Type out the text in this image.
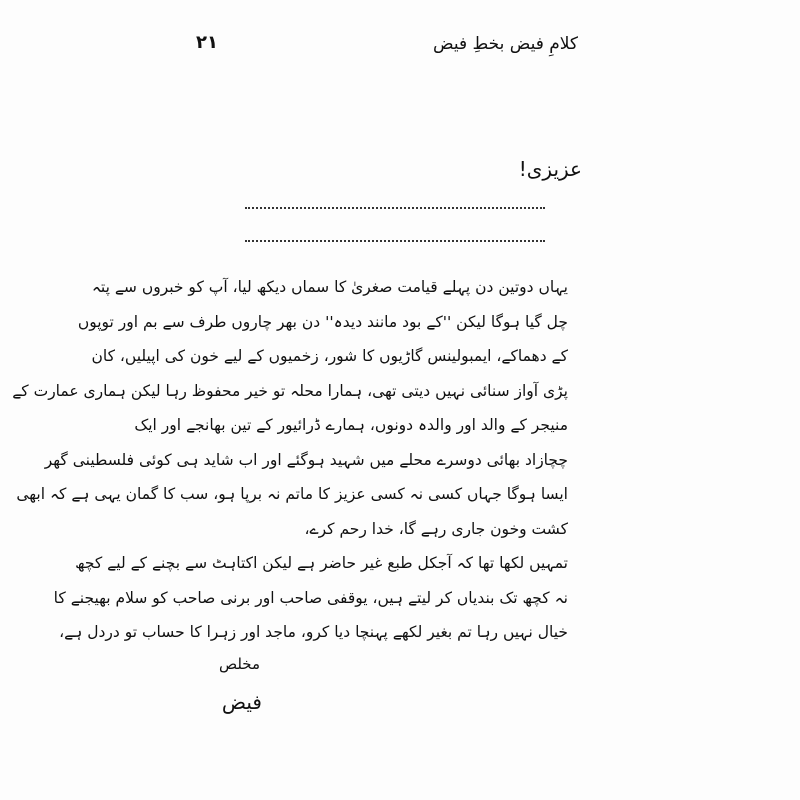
کلامِ فیض بخطِ فیض
۲۱
عزیزی!
یہاں دوتین دن پہلے قیامت صغریٰ کا سماں دیکھ لیا، آپ کو خبروں سے پتہ
چل گیا ہوگا لیکن ''کے بود مانند دیدہ'' دن بھر چاروں طرف سے بم اور توپوں
کے دھماکے، ایمبولینس گاڑیوں کا شور، زخمیوں کے لیے خون کی اپیلیں، کان
پڑی آواز سنائی نہیں دیتی تھی، ہمارا محلہ تو خیر محفوظ رہا لیکن ہماری عمارت کے
منیجر کے والد اور والدہ دونوں، ہمارے ڈرائیور کے تین بھانجے اور ایک
چچازاد بھائی دوسرے محلے میں شہید ہوگئے اور اب شاید ہی کوئی فلسطینی گھر
ایسا ہوگا جہاں کسی نہ کسی عزیز کا ماتم نہ برپا ہو، سب کا گمان یہی ہے کہ ابھی
کشت وخون جاری رہے گا، خدا رحم کرے،
تمہیں لکھا تھا کہ آجکل طبع غیر حاضر ہے لیکن اکتاہٹ سے بچنے کے لیے کچھ
نہ کچھ تک بندیاں کر لیتے ہیں، یوقفی صاحب اور برنی صاحب کو سلام بھیجنے کا
خیال نہیں رہا تم بغیر لکھے پہنچا دیا کرو، ماجد اور زہرا کا حساب تو دردل ہے،
مخلص
فیض
